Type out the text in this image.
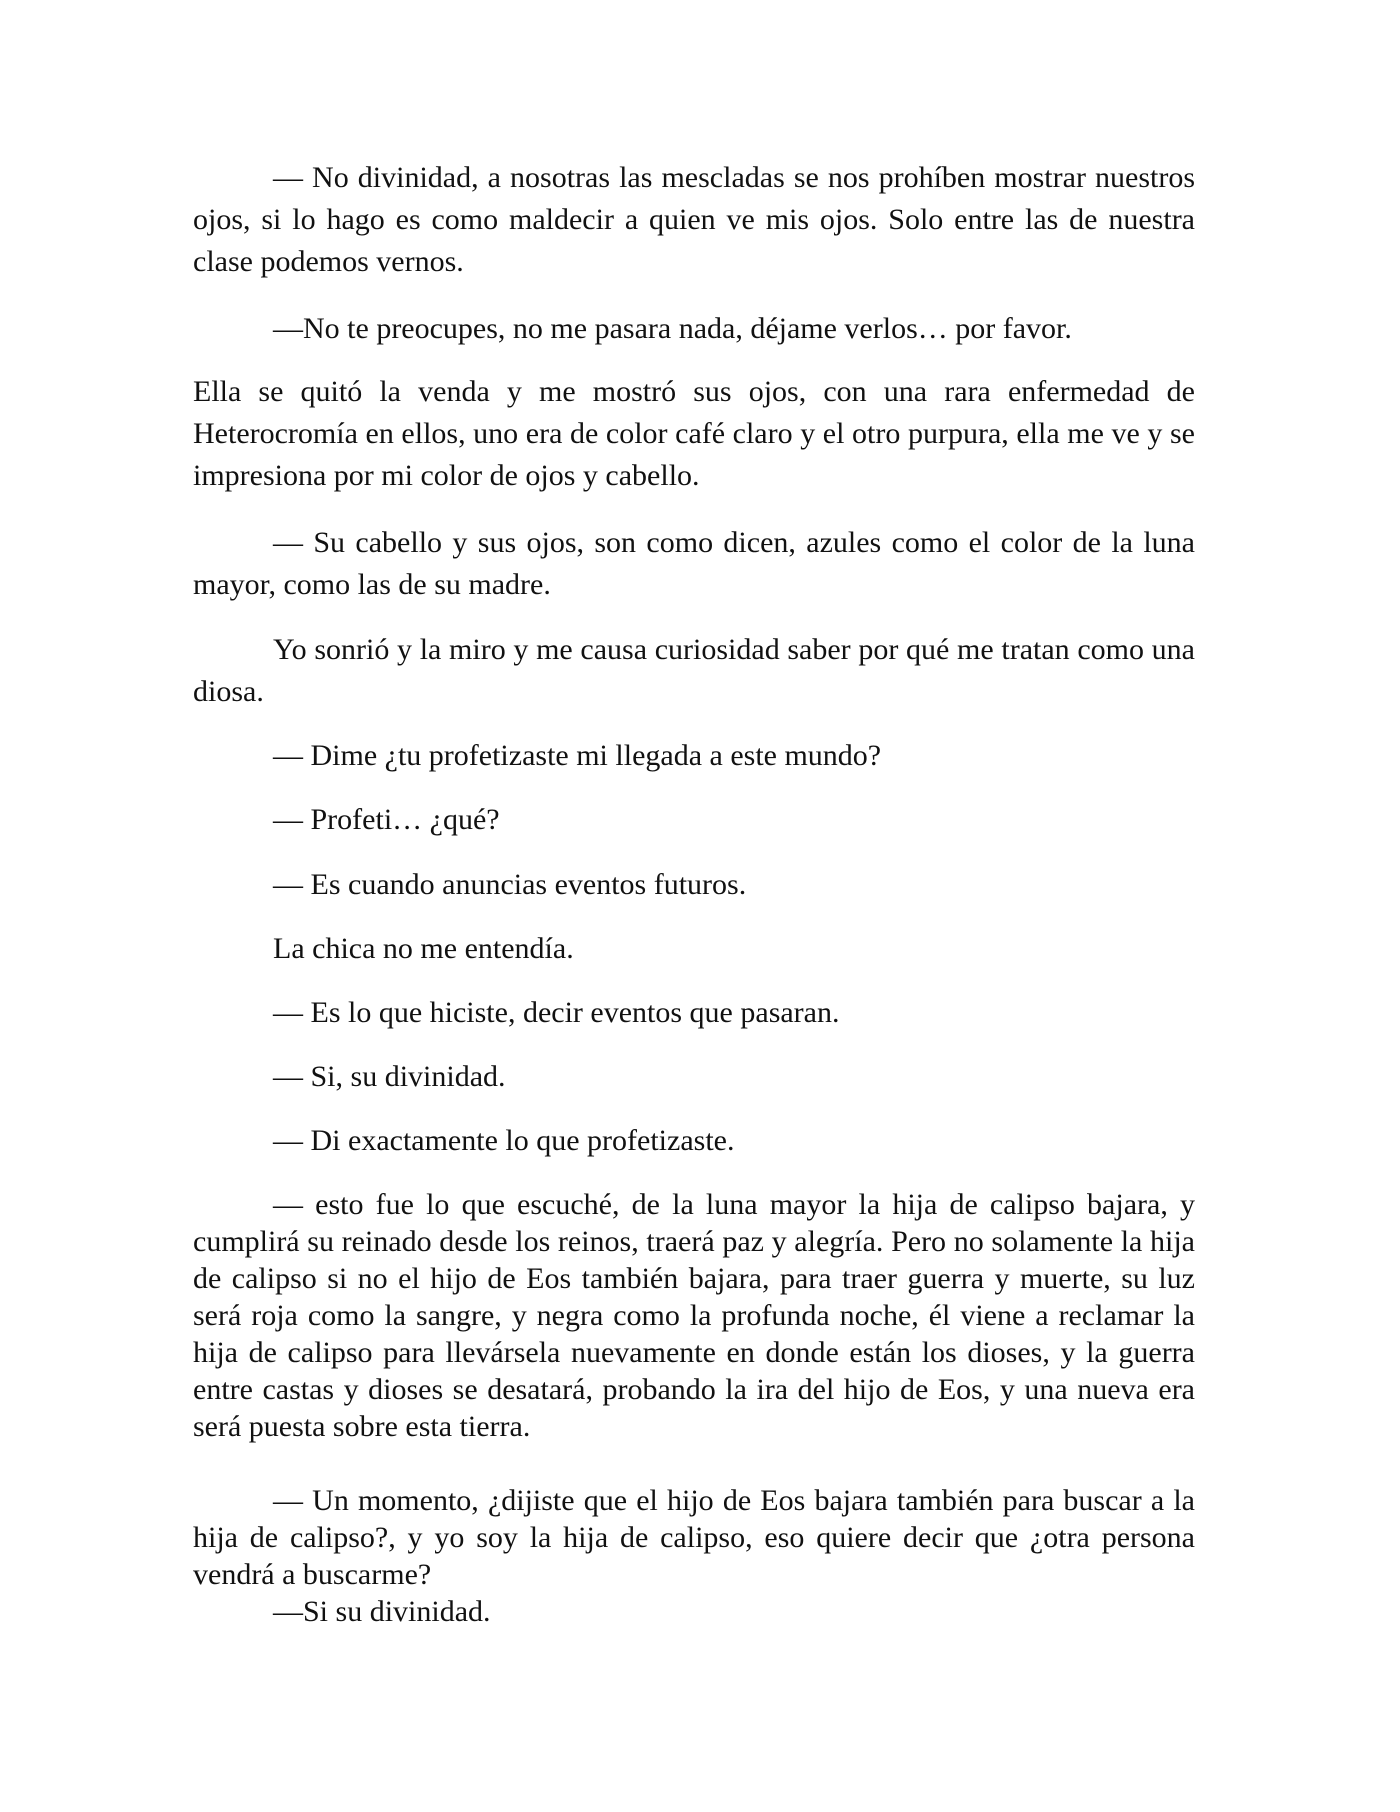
— No divinidad, a nosotras las mescladas se nos prohíben mostrar nuestros ojos, si lo hago es como maldecir a quien ve mis ojos. Solo entre las de nuestra clase podemos vernos.

—No te preocupes, no me pasara nada, déjame verlos… por favor.

Ella se quitó la venda y me mostró sus ojos, con una rara enfermedad de Heterocromía en ellos, uno era de color café claro y el otro purpura, ella me ve y se impresiona por mi color de ojos y cabello.

— Su cabello y sus ojos, son como dicen, azules como el color de la luna mayor, como las de su madre.

Yo sonrió y la miro y me causa curiosidad saber por qué me tratan como una diosa.

— Dime ¿tu profetizaste mi llegada a este mundo?

— Profeti… ¿qué?

— Es cuando anuncias eventos futuros.

La chica no me entendía.

— Es lo que hiciste, decir eventos que pasaran.

— Si, su divinidad.

— Di exactamente lo que profetizaste.

— esto fue lo que escuché, de la luna mayor la hija de calipso bajara, y cumplirá su reinado desde los reinos, traerá paz y alegría. Pero no solamente la hija de calipso si no el hijo de Eos también bajara, para traer guerra y muerte, su luz será roja como la sangre, y negra como la profunda noche, él viene a reclamar la hija de calipso para llevársela nuevamente en donde están los dioses, y la guerra entre castas y dioses se desatará, probando la ira del hijo de Eos, y una nueva era será puesta sobre esta tierra.

— Un momento, ¿dijiste que el hijo de Eos bajara también para buscar a la hija de calipso?, y yo soy la hija de calipso, eso quiere decir que ¿otra persona vendrá a buscarme?

—Si su divinidad.
